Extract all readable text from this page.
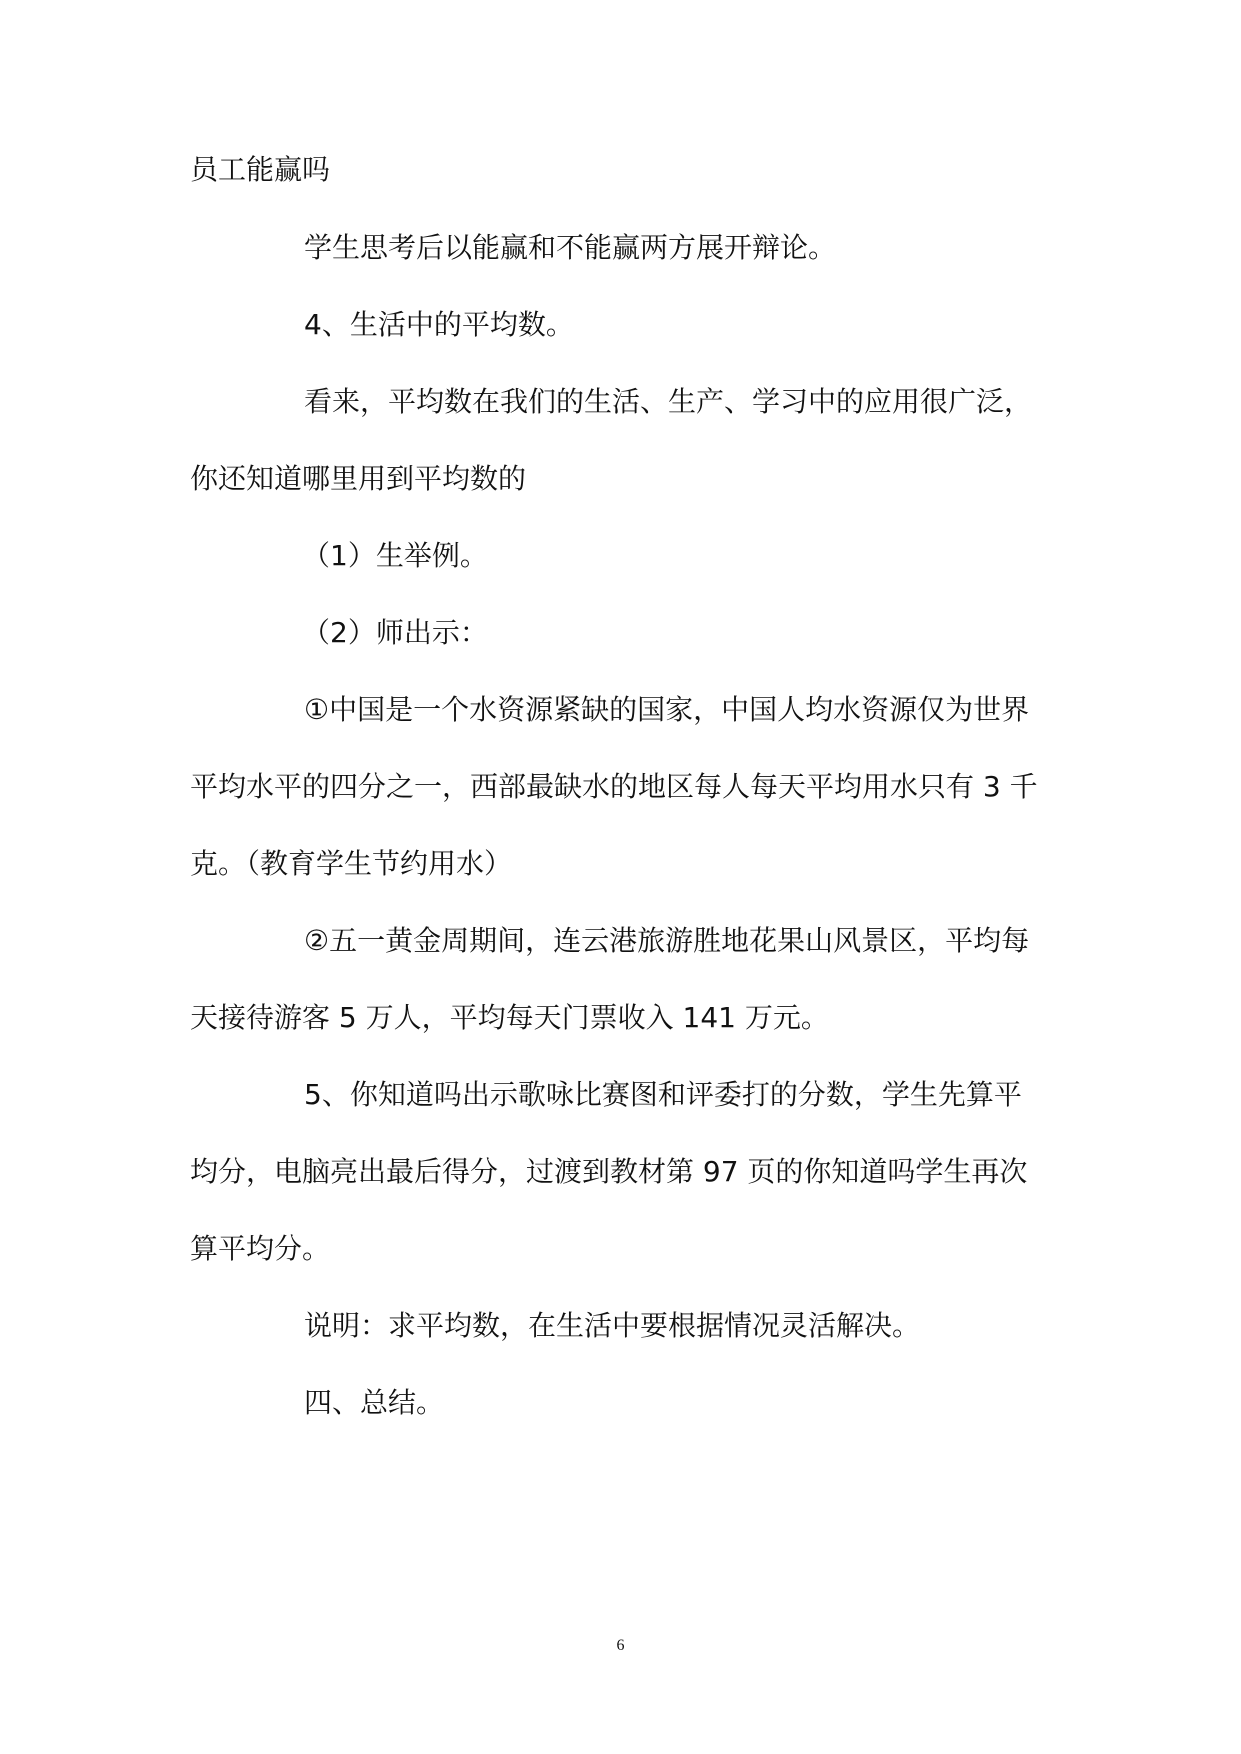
员工能赢吗
学生思考后以能赢和不能赢两方展开辩论。
4、生活中的平均数。
看来，平均数在我们的生活、生产、学习中的应用很广泛，
你还知道哪里用到平均数的
（1）生举例。
（2）师出示：
①中国是一个水资源紧缺的国家，中国人均水资源仅为世界
平均水平的四分之一，西部最缺水的地区每人每天平均用水只有 3 千
克。（教育学生节约用水）
②五一黄金周期间，连云港旅游胜地花果山风景区，平均每
天接待游客 5 万人，平均每天门票收入 141 万元。
5、你知道吗出示歌咏比赛图和评委打的分数，学生先算平
均分，电脑亮出最后得分，过渡到教材第 97 页的你知道吗学生再次
算平均分。
说明：求平均数，在生活中要根据情况灵活解决。
四、总结。
6
